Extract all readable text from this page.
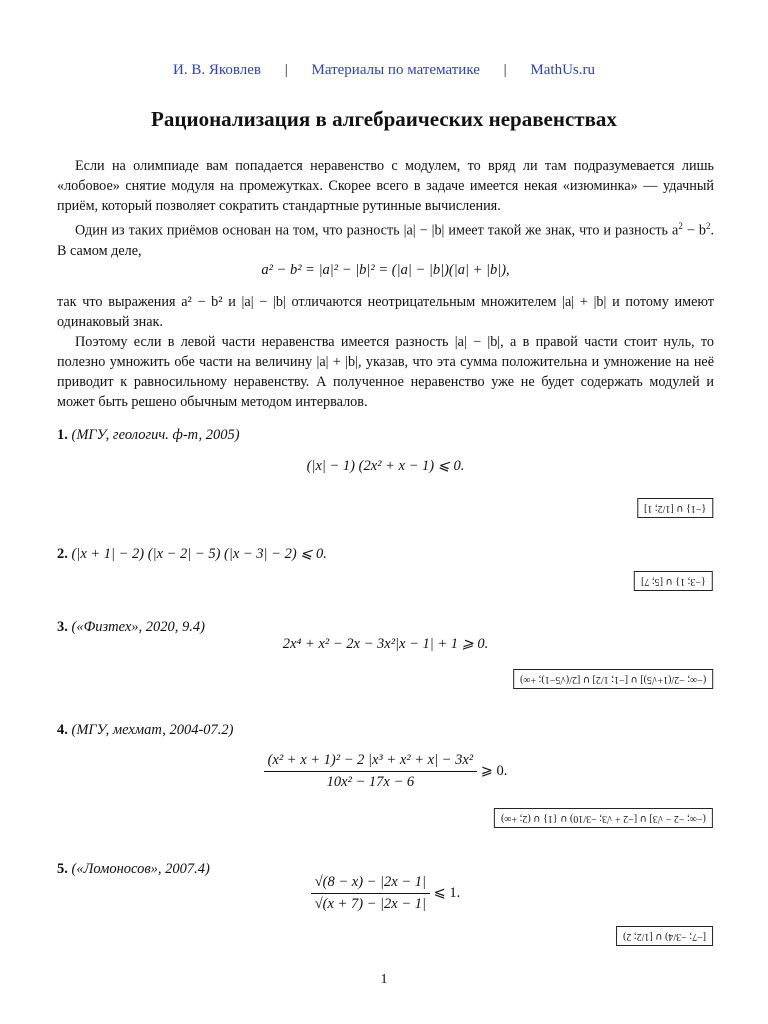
И. В. Яковлев | Материалы по математике | MathUs.ru
Рационализация в алгебраических неравенствах
Если на олимпиаде вам попадается неравенство с модулем, то вряд ли там подразумевается лишь «лобовое» снятие модуля на промежутках. Скорее всего в задаче имеется некая «изюминка» — удачный приём, который позволяет сократить стандартные рутинные вычисления.
Один из таких приёмов основан на том, что разность |a| − |b| имеет такой же знак, что и разность $a^2 - b^2$. В самом деле,
a² − b² = |a|² − |b|² = (|a| − |b|)(|a| + |b|),
так что выражения a² − b² и |a| − |b| отличаются неотрицательным множителем |a| + |b| и потому имеют одинаковый знак.
Поэтому если в левой части неравенства имеется разность |a| − |b|, а в правой части стоит нуль, то полезно умножить обе части на величину |a| + |b|, указав, что эта сумма положительна и умножение на неё приводит к равносильному неравенству. А полученное неравенство уже не будет содержать модулей и может быть решено обычным методом интервалов.
1. (МГУ, геологич. ф-т, 2005)
(|x| − 1) (2x² + x − 1) ⩽ 0.
{−1} ∪ [1/2; 1]
2. (|x + 1| − 2) (|x − 2| − 5) (|x − 3| − 2) ⩽ 0.
{−3; 1} ∪ [5; 7]
3. («Физтех», 2020, 9.4)
2x⁴ + x² − 2x − 3x²|x − 1| + 1 ⩾ 0.
(−∞; −2/(1+√5)] ∪ [−1; 1/2] ∪ [2/(√5−1); +∞)
4. (МГУ, мехмат, 2004-07.2)
$\frac{\text{(x² + x + 1)² − 2 |x³ + x² + x| − 3x²}}{\text{10x² − 17x − 6}}$ ⩾ 0.
(−∞; −2 − √3] ∪ [−2 + √3; −3/10) ∪ {1} ∪ (2; +∞)
5. («Ломоносов», 2007.4)
$\frac{√(8 - x) - |2x - 1|}{√(x + 7) - |2x - 1|}$ ⩽ 1.
[−7; −3/4) ∪ [1/2; 2)
1
